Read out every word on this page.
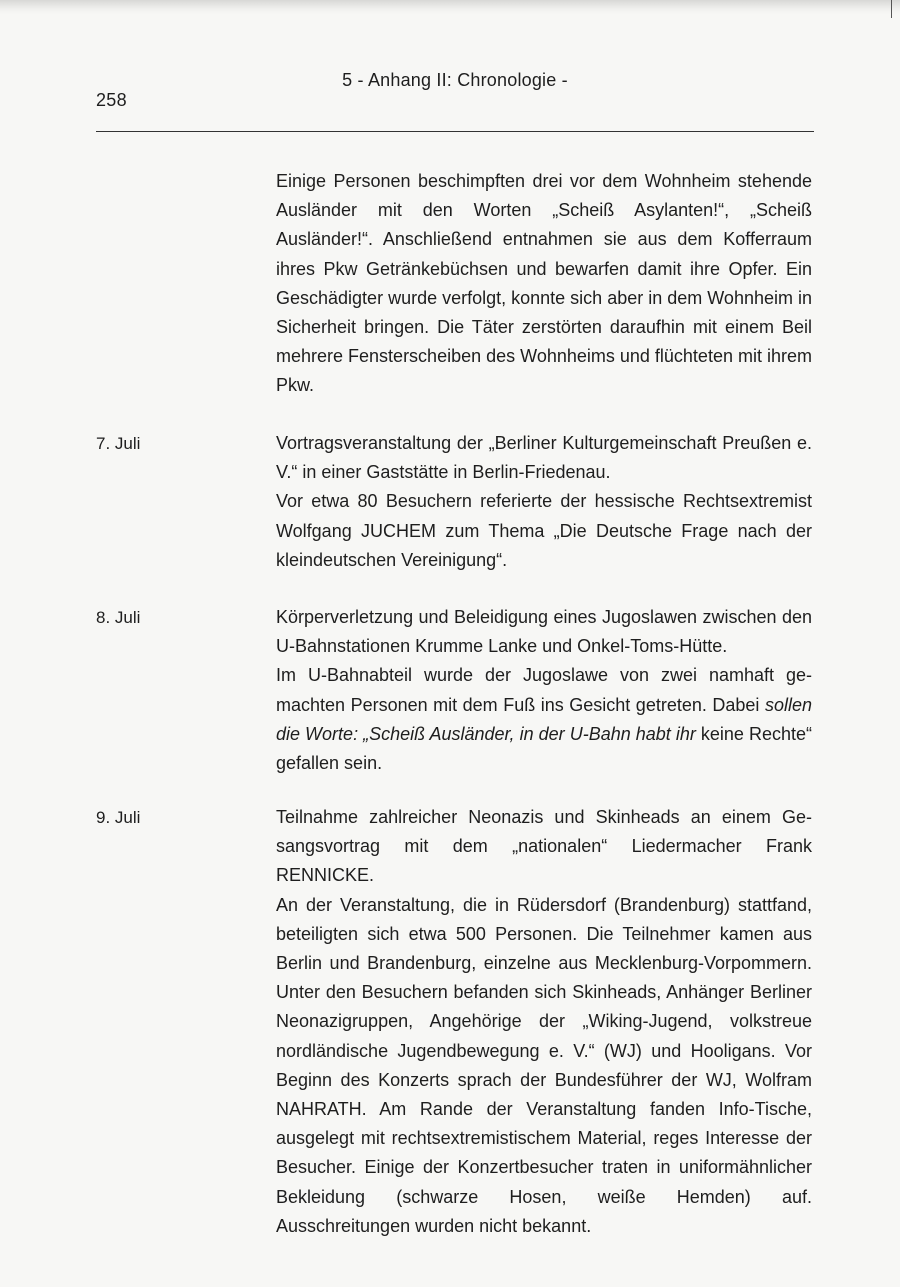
258
5 - Anhang II: Chronologie -

Einige Personen beschimpften drei vor dem Wohnheim stehende Ausländer mit den Worten „Scheiß Asylanten!“, „Scheiß Ausländer!“. Anschließend entnahmen sie aus dem Kofferraum ihres Pkw Getränkebüchsen und bewarfen damit ihre Opfer. Ein Geschädigter wurde verfolgt, konnte sich aber in dem Wohnheim in Sicherheit bringen. Die Täter zerstörten daraufhin mit einem Beil mehrere Fensterscheiben des Wohnheims und flüchteten mit ihrem Pkw.

7. Juli	Vortragsveranstaltung der „Berliner Kulturgemeinschaft Preußen e. V.“ in einer Gaststätte in Berlin-Friedenau.

Vor etwa 80 Besuchern referierte der hessische Rechtsextremist Wolfgang JUCHEM zum Thema „Die Deutsche Frage nach der kleindeutschen Vereinigung“.

8. Juli	Körperverletzung und Beleidigung eines Jugoslawen zwischen den U-Bahnstationen Krumme Lanke und Onkel-Toms-Hütte.

Im U-Bahnabteil wurde der Jugoslawe von zwei namhaft gemachten Personen mit dem Fuß ins Gesicht getreten. Dabei sollen die Worte: „Scheiß Ausländer, in der U-Bahn habt ihr keine Rechte“ gefallen sein.

9. Juli	Teilnahme zahlreicher Neonazis und Skinheads an einem Gesangsvortrag mit dem „nationalen“ Liedermacher Frank RENNICKE.

An der Veranstaltung, die in Rüdersdorf (Brandenburg) stattfand, beteiligten sich etwa 500 Personen. Die Teilnehmer kamen aus Berlin und Brandenburg, einzelne aus Mecklenburg-Vorpommern. Unter den Besuchern befanden sich Skinheads, Anhänger Berliner Neonazigruppen, Angehörige der „Wiking-Jugend, volkstreue nordländische Jugendbewegung e. V.“ (WJ) und Hooligans. Vor Beginn des Konzerts sprach der Bundesführer der WJ, Wolfram NAHRATH. Am Rande der Veranstaltung fanden Info-Tische, ausgelegt mit rechtsextremistischem Material, reges Interesse der Besucher. Einige der Konzertbesucher traten in uniformähnlicher Bekleidung (schwarze Hosen, weiße Hemden) auf. Ausschreitungen wurden nicht bekannt.
